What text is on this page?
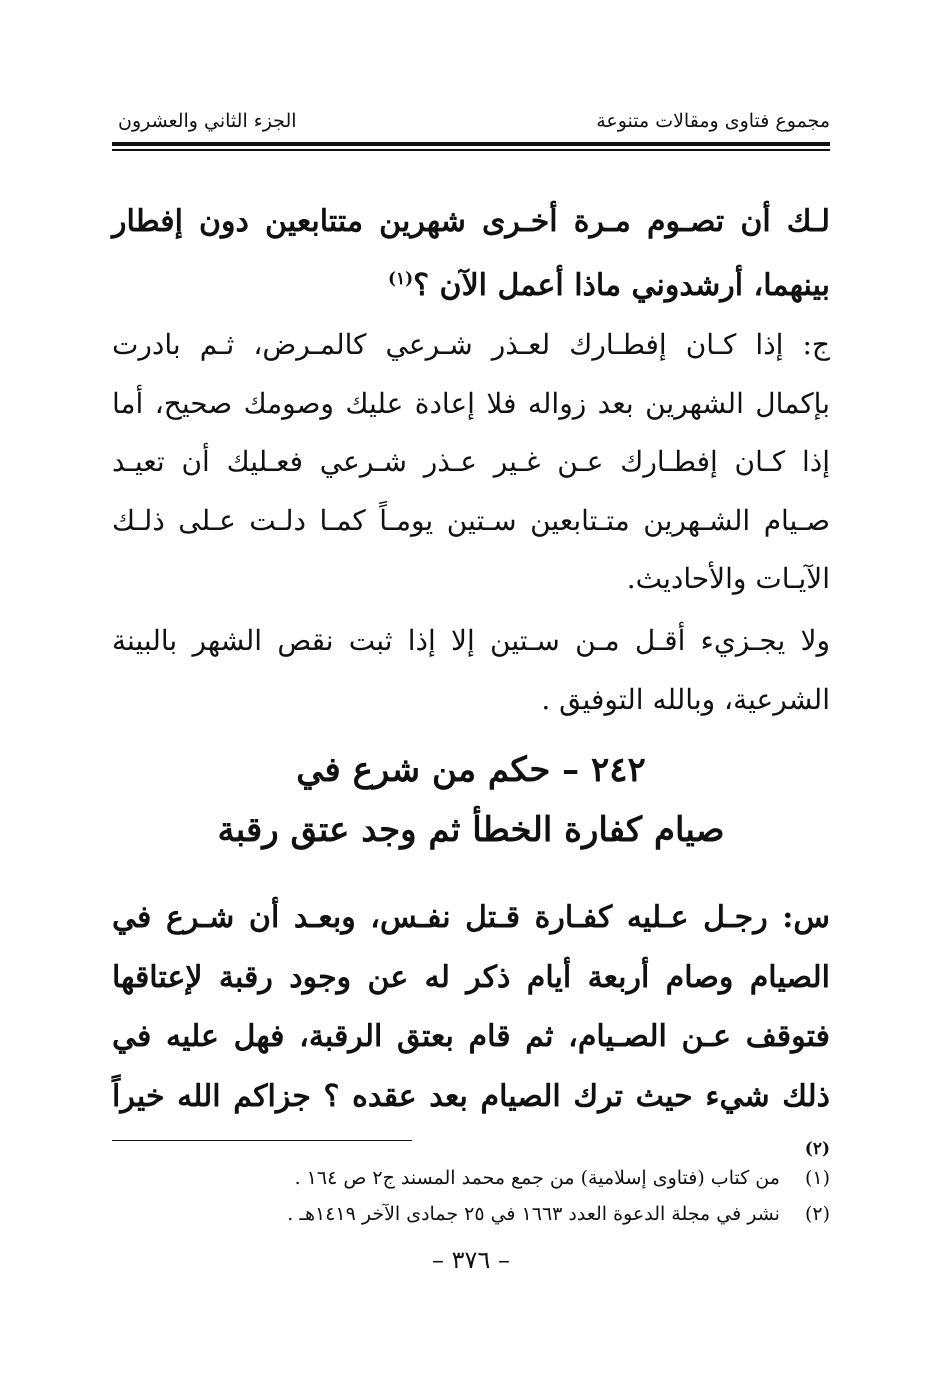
مجموع فتاوى ومقالات متنوعة
الجزء الثاني والعشرون
لـك أن تصـوم مـرة أخـرى شهرين متتابعين دون إفطار بينهما، أرشدوني ماذا أعمل الآن ؟$^{(١)}$
ج: إذا كـان إفطـارك لعـذر شـرعي كالمـرض، ثـم بادرت بإكمال الشهرين بعد زواله فلا إعادة عليك وصومك صحيح، أما إذا كـان إفطـارك عـن غـير عـذر شـرعي فعـليك أن تعيـد صـيام الشـهرين متـتابعين سـتين يومـاً كمـا دلـت عـلى ذلـك الآيـات والأحاديث.
ولا يجـزيء أقـل مـن سـتين إلا إذا ثبت نقص الشهر بالبينة الشرعية، وبالله التوفيق .
٢٤٢ – حكم من شرع في
صيام كفارة الخطأ ثم وجد عتق رقبة
س: رجـل عـليه كفـارة قـتل نفـس، وبعـد أن شـرع في الصيام وصام أربعة أيام ذكر له عن وجود رقبة لإعتاقها فتوقف عـن الصـيام، ثم قام بعتق الرقبة، فهل عليه في ذلك شيء حيث ترك الصيام بعد عقده ؟ جزاكم الله خيراً $^{(٢)}$
(١) من كتاب (فتاوى إسلامية) من جمع محمد المسند ج٢ ص ١٦٤ .
(٢) نشر في مجلة الدعوة العدد ١٦٦٣ في ٢٥ جمادى الآخر ١٤١٩هـ .
– ٣٧٦ –
